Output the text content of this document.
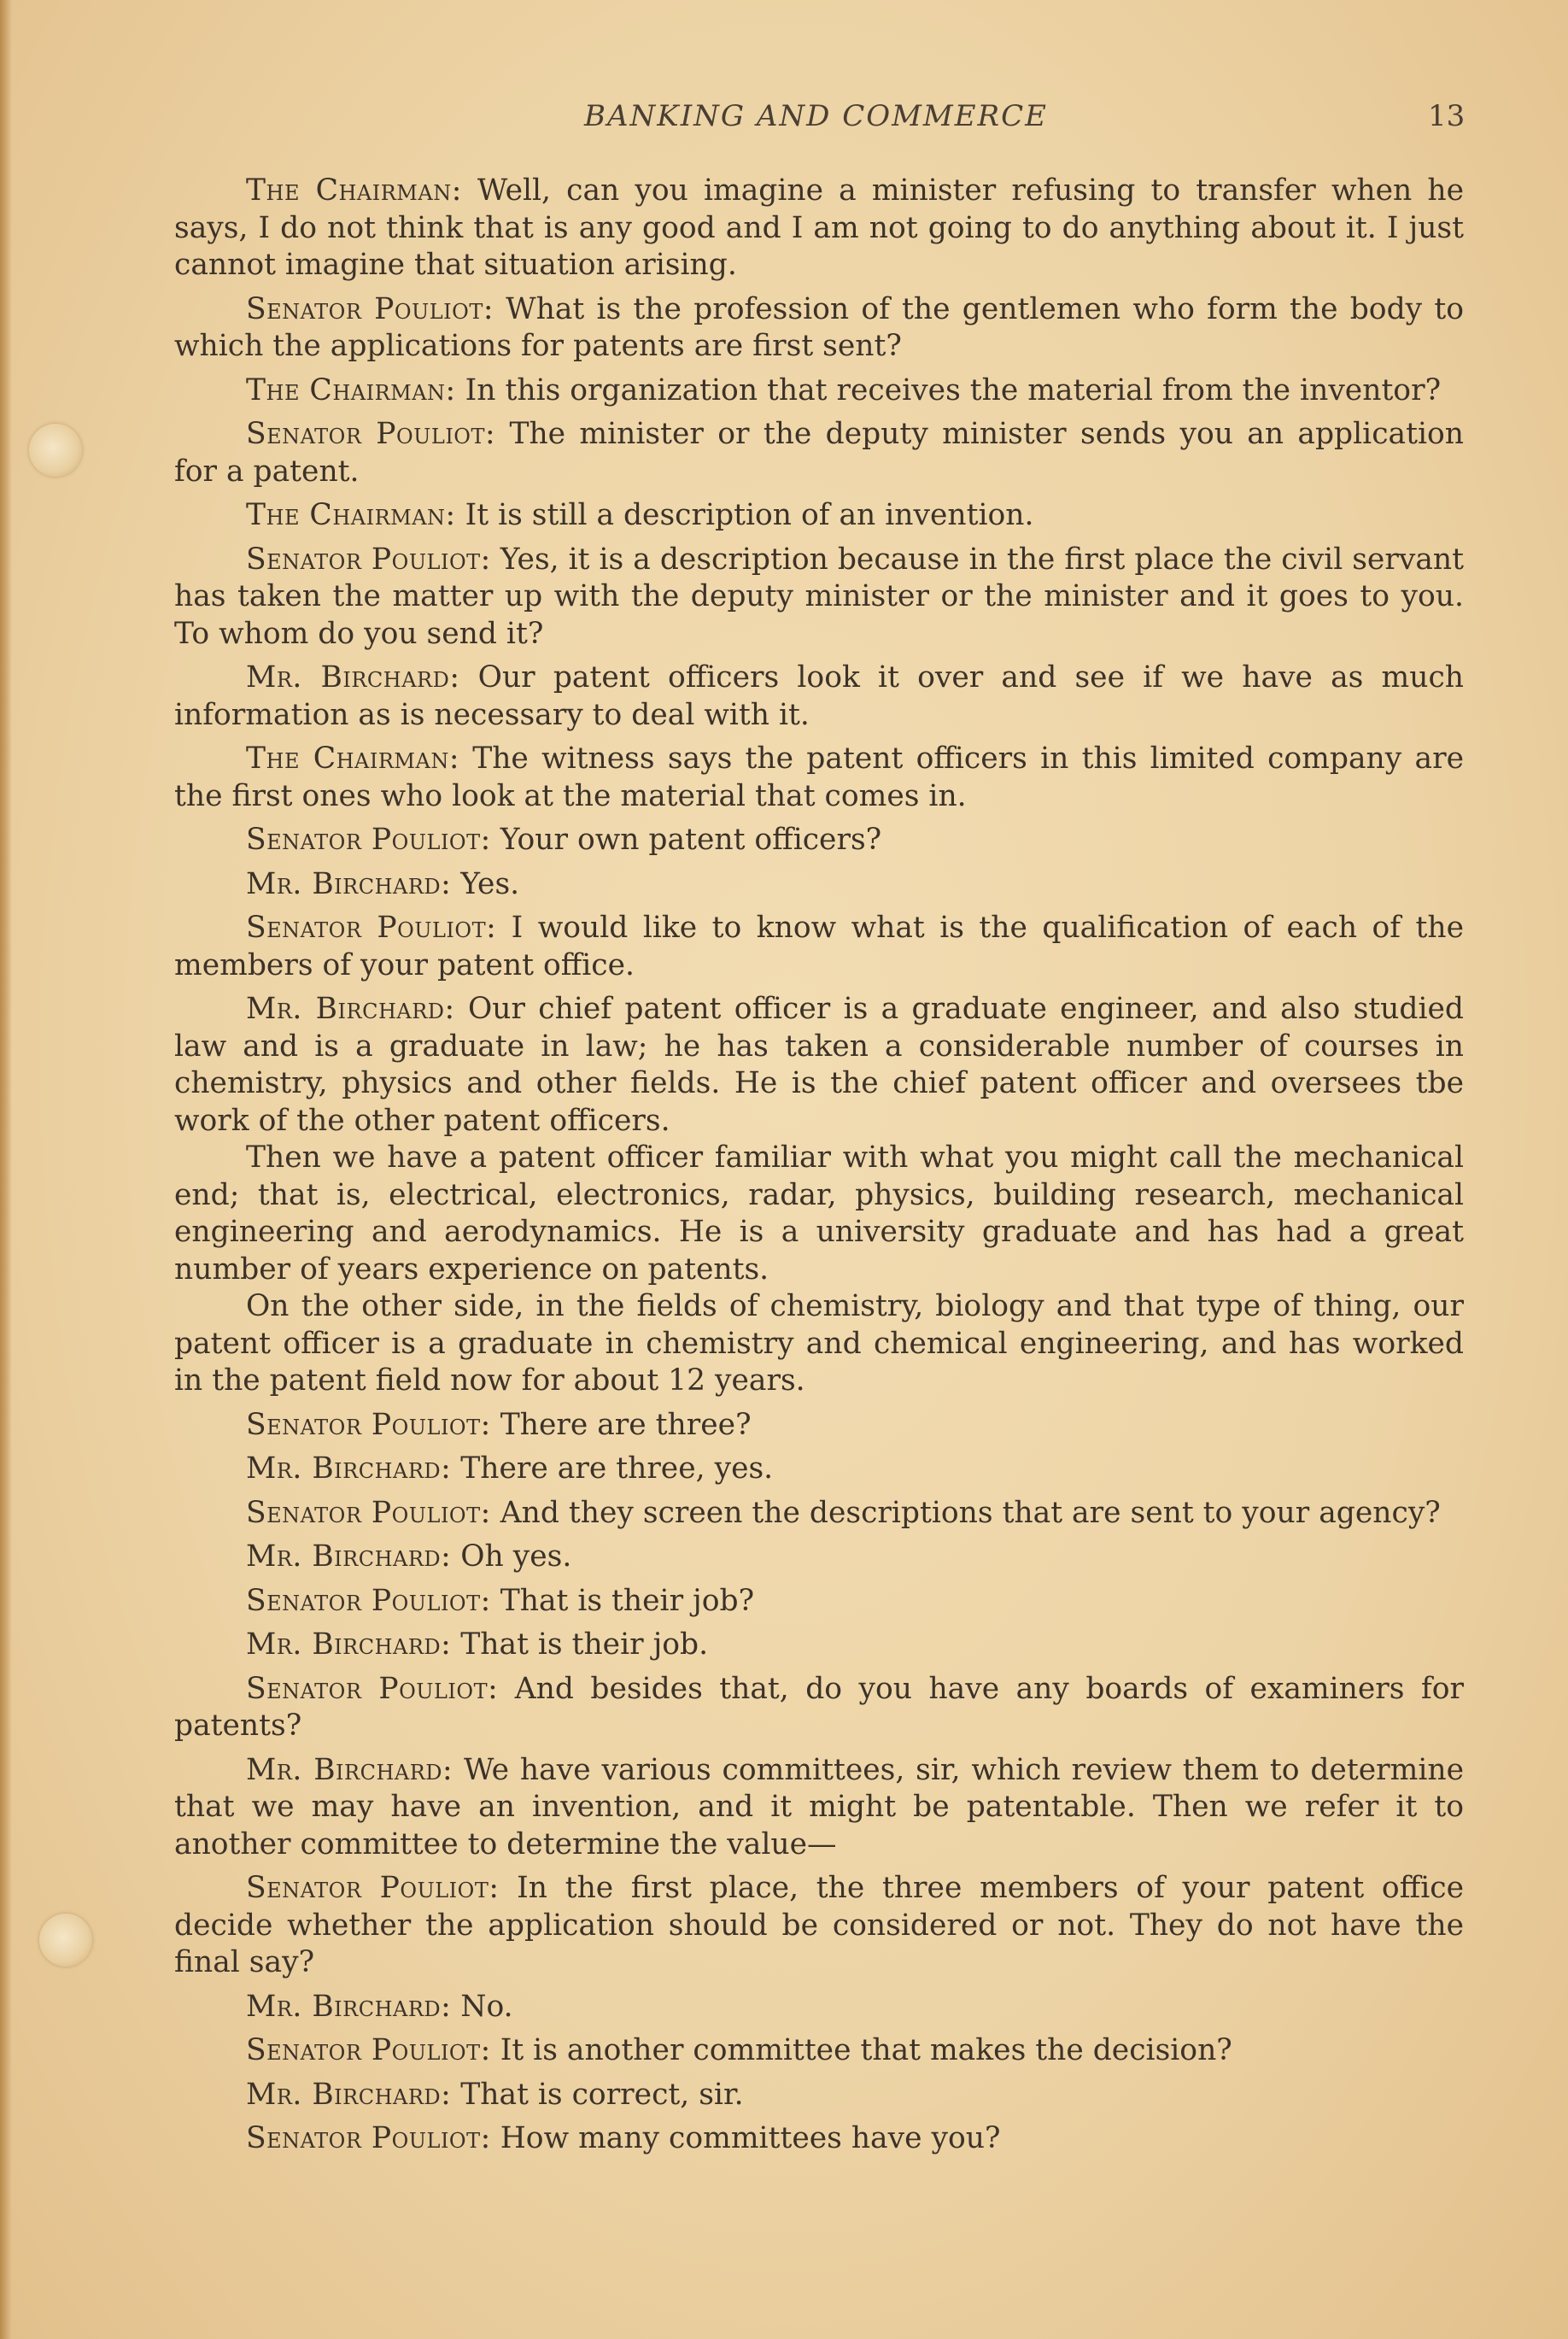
BANKING AND COMMERCE	13

The Chairman: Well, can you imagine a minister refusing to transfer when he says, I do not think that is any good and I am not going to do anything about it. I just cannot imagine that situation arising.

Senator Pouliot: What is the profession of the gentlemen who form the body to which the applications for patents are first sent?

The Chairman: In this organization that receives the material from the inventor?

Senator Pouliot: The minister or the deputy minister sends you an application for a patent.

The Chairman: It is still a description of an invention.

Senator Pouliot: Yes, it is a description because in the first place the civil servant has taken the matter up with the deputy minister or the minister and it goes to you. To whom do you send it?

Mr. Birchard: Our patent officers look it over and see if we have as much information as is necessary to deal with it.

The Chairman: The witness says the patent officers in this limited company are the first ones who look at the material that comes in.

Senator Pouliot: Your own patent officers?

Mr. Birchard: Yes.

Senator Pouliot: I would like to know what is the qualification of each of the members of your patent office.

Mr. Birchard: Our chief patent officer is a graduate engineer, and also studied law and is a graduate in law; he has taken a considerable number of courses in chemistry, physics and other fields. He is the chief patent officer and oversees tbe work of the other patent officers.

Then we have a patent officer familiar with what you might call the mechanical end; that is, electrical, electronics, radar, physics, building research, mechanical engineering and aerodynamics. He is a university graduate and has had a great number of years experience on patents.

On the other side, in the fields of chemistry, biology and that type of thing, our patent officer is a graduate in chemistry and chemical engineering, and has worked in the patent field now for about 12 years.

Senator Pouliot: There are three?

Mr. Birchard: There are three, yes.

Senator Pouliot: And they screen the descriptions that are sent to your agency?

Mr. Birchard: Oh yes.

Senator Pouliot: That is their job?

Mr. Birchard: That is their job.

Senator Pouliot: And besides that, do you have any boards of examiners for patents?

Mr. Birchard: We have various committees, sir, which review them to determine that we may have an invention, and it might be patentable. Then we refer it to another committee to determine the value—

Senator Pouliot: In the first place, the three members of your patent office decide whether the application should be considered or not. They do not have the final say?

Mr. Birchard: No.

Senator Pouliot: It is another committee that makes the decision?

Mr. Birchard: That is correct, sir.

Senator Pouliot: How many committees have you?
